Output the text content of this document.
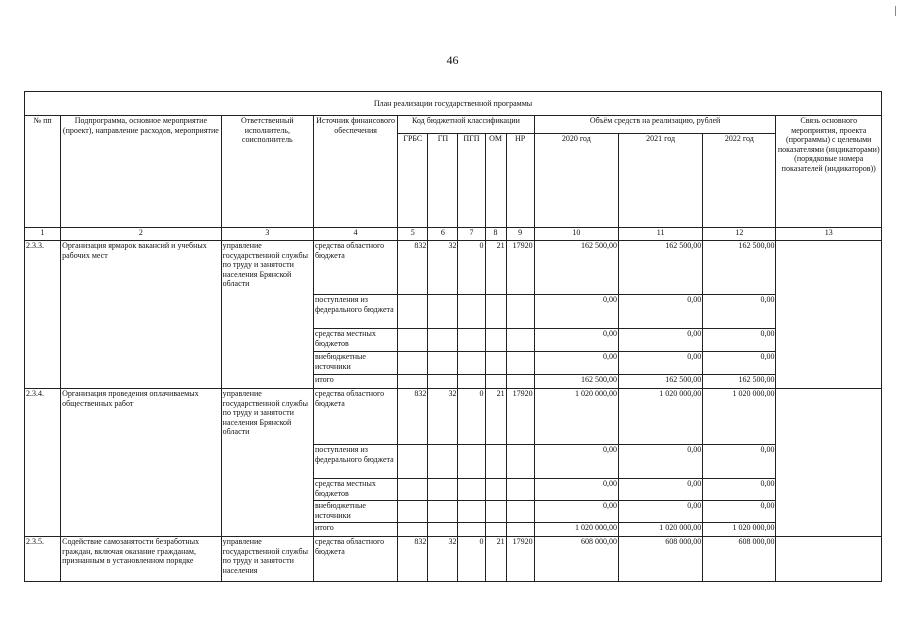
46
План реализации государственной программы												
№ пп	Подпрограмма, основное мероприятие (проект), направление расходов, мероприятие	Ответственный исполнитель, соисполнитель	Источник финансового обеспечения	Код бюджетной классификации					Объём средств на реализацию, рублей			Связь основного мероприятия, проекта (программы) с целевыми показателями (индикаторами) (порядковые номера показателей (индикаторов))
				ГРБС	ГП	ПГП	ОМ	НР	2020 год	2021 год	2022 год	
1	2	3	4	5	6	7	8	9	10	11	12	13
2.3.3.	Организация ярмарок вакансий и учебных рабочих мест	управление государственной службы по труду и занятости населения Брянской области	средства областного бюджета	832	32	0	21	17920	162 500,00	162 500,00	162 500,00	
			поступления из федерального бюджета						0,00	0,00	0,00	
			средства местных бюджетов						0,00	0,00	0,00	
			внебюджетные источники						0,00	0,00	0,00	
			итого						162 500,00	162 500,00	162 500,00	
2.3.4.	Организация проведения оплачиваемых общественных работ	управление государственной службы по труду и занятости населения Брянской области	средства областного бюджета	832	32	0	21	17920	1 020 000,00	1 020 000,00	1 020 000,00	
			поступления из федерального бюджета						0,00	0,00	0,00	
			средства местных бюджетов						0,00	0,00	0,00	
			внебюджетные источники						0,00	0,00	0,00	
			итого						1 020 000,00	1 020 000,00	1 020 000,00	
2.3.5.	Содействие самозанятости безработных граждан, включая оказание гражданам, признанным в установленном порядке	управление государственной службы по труду и занятости населения	средства областного бюджета	832	32	0	21	17920	608 000,00	608 000,00	608 000,00	
